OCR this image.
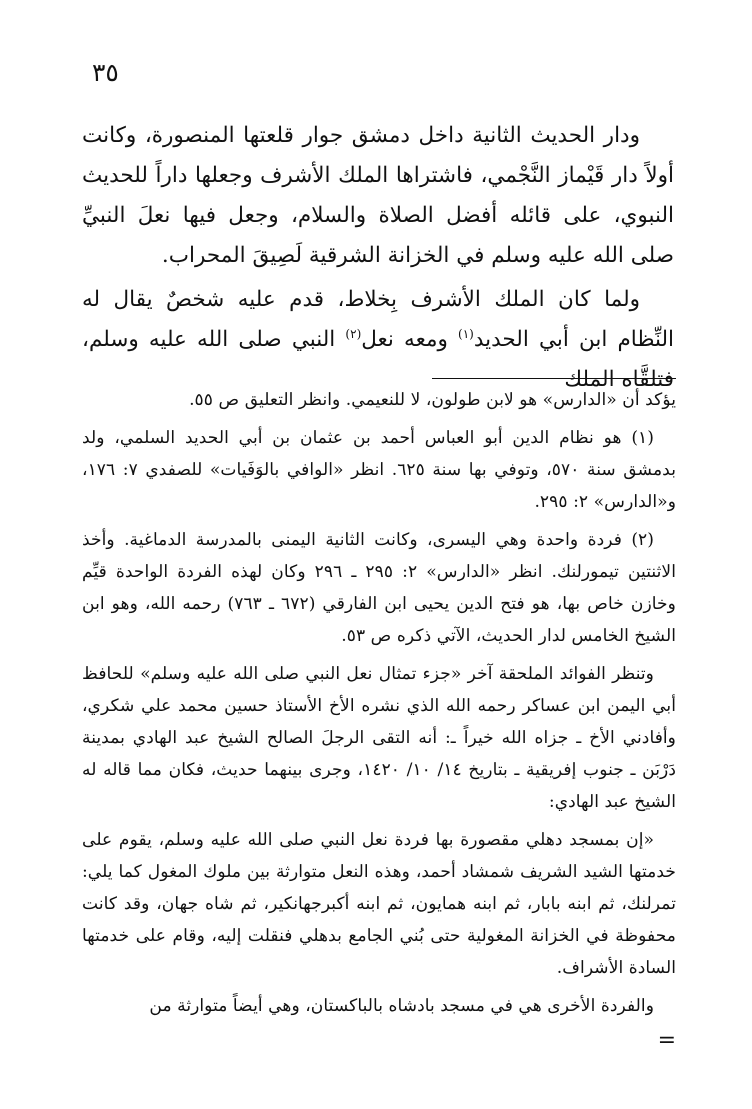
٣٥

ودار الحديث الثانية داخل دمشق جوار قلعتها المنصورة، وكانت أولاً دار قَيْماز النَّجْمي، فاشتراها الملك الأشرف وجعلها داراً للحديث النبوي، على قائله أفضل الصلاة والسلام، وجعل فيها نعلَ النبيِّ صلى الله عليه وسلم في الخزانة الشرقية لَصِيقَ المحراب.

ولما كان الملك الأشرف بِخلاط، قدم عليه شخصٌ يقال له النِّظام ابن أبي الحديد$^{(١)}$ ومعه نعل$^{(٢)}$ النبي صلى الله عليه وسلم، فتلقَّاه الملك

يؤكد أن «الدارس» هو لابن طولون، لا للنعيمي. وانظر التعليق ص ٥٥.

(١) هو نظام الدين أبو العباس أحمد بن عثمان بن أبي الحديد السلمي، ولد بدمشق سنة ٥٧٠، وتوفي بها سنة ٦٢٥. انظر «الوافي بالوَفَيات» للصفدي ٧: ١٧٦، و«الدارس» ٢: ٢٩٥.

(٢) فردة واحدة وهي اليسرى، وكانت الثانية اليمنى بالمدرسة الدماغية. وأخذ الاثنتين تيمورلنك. انظر «الدارس» ٢: ٢٩٥ ـ ٢٩٦ وكان لهذه الفردة الواحدة قيِّم وخازن خاص بها، هو فتح الدين يحيى ابن الفارقي (٦٧٢ ـ ٧٦٣) رحمه الله، وهو ابن الشيخ الخامس لدار الحديث، الآتي ذكره ص ٥٣.

وتنظر الفوائد الملحقة آخر «جزء تمثال نعل النبي صلى الله عليه وسلم» للحافظ أبي اليمن ابن عساكر رحمه الله الذي نشره الأخ الأستاذ حسين محمد علي شكري، وأفادني الأخ ـ جزاه الله خيراً ـ: أنه التقى الرجلَ الصالح الشيخ عبد الهادي بمدينة دَرْبَن ـ جنوب إفريقية ـ بتاريخ ١٤/ ١٠/ ١٤٢٠، وجرى بينهما حديث، فكان مما قاله له الشيخ عبد الهادي:

«إن بمسجد دهلي مقصورة بها فردة نعل النبي صلى الله عليه وسلم، يقوم على خدمتها الشيد الشريف شمشاد أحمد، وهذه النعل متوارثة بين ملوك المغول كما يلي: تمرلنك، ثم ابنه بابار، ثم ابنه همايون، ثم ابنه أكبرجهانكير، ثم شاه جهان، وقد كانت محفوظة في الخزانة المغولية حتى بُني الجامع بدهلي فنقلت إليه، وقام على خدمتها السادة الأشراف.

والفردة الأخرى هي في مسجد بادشاه بالباكستان، وهي أيضاً متوارثة من

=
